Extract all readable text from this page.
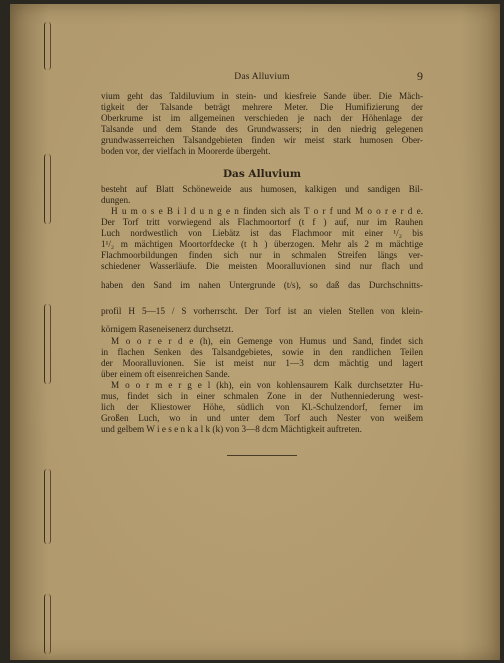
Das Alluvium	9
vium geht das Taldiluvium in stein- und kiesfreie Sande über. Die Mäch-
tigkeit der Talsande beträgt mehrere Meter. Die Humifizierung der
Oberkrume ist im allgemeinen verschieden je nach der Höhenlage der
Talsande und dem Stande des Grundwassers; in den niedrig gelegenen
grundwasserreichen Talsandgebieten finden wir meist stark humosen Ober-
boden vor, der vielfach in Moorerde übergeht.
Das Alluvium
besteht auf Blatt Schöneweide aus humosen, kalkigen und sandigen Bil-
dungen.
H u m o s e B i l d u n g e n finden sich als T o r f und M o o r e r d e.
Der Torf tritt vorwiegend als Flachmoortorf (t f ) auf, nur im Rauhen
Luch nordwestlich von Liebätz ist das Flachmoor mit einer ¹/₂ bis
1¹/₂ m mächtigen Moortorfdecke (t h ) überzogen. Mehr als 2 m mächtige
Flachmoorbildungen finden sich nur in schmalen Streifen längs ver-
schiedener Wasserläufe. Die meisten Mooralluvionen sind nur flach und
haben den Sand im nahen Untergrunde (t/s), so daß das Durchschnitts-
profil H 5—15 / S vorherrscht. Der Torf ist an vielen Stellen von klein-
körnigem Raseneisenerz durchsetzt.
M o o r e r d e (h), ein Gemenge von Humus und Sand, findet sich
in flachen Senken des Talsandgebietes, sowie in den randlichen Teilen
der Mooralluvionen. Sie ist meist nur 1—3 dcm mächtig und lagert
über einem oft eisenreichen Sande.
M o o r m e r g e l (kh), ein von kohlensaurem Kalk durchsetzter Hu-
mus, findet sich in einer schmalen Zone in der Nuthenniederung west-
lich der Kliestower Höhe, südlich von Kl.-Schulzendorf, ferner im
Großen Luch, wo in und unter dem Torf auch Nester von weißem
und gelbem W i e s e n k a l k (k) von 3—8 dcm Mächtigkeit auftreten.
